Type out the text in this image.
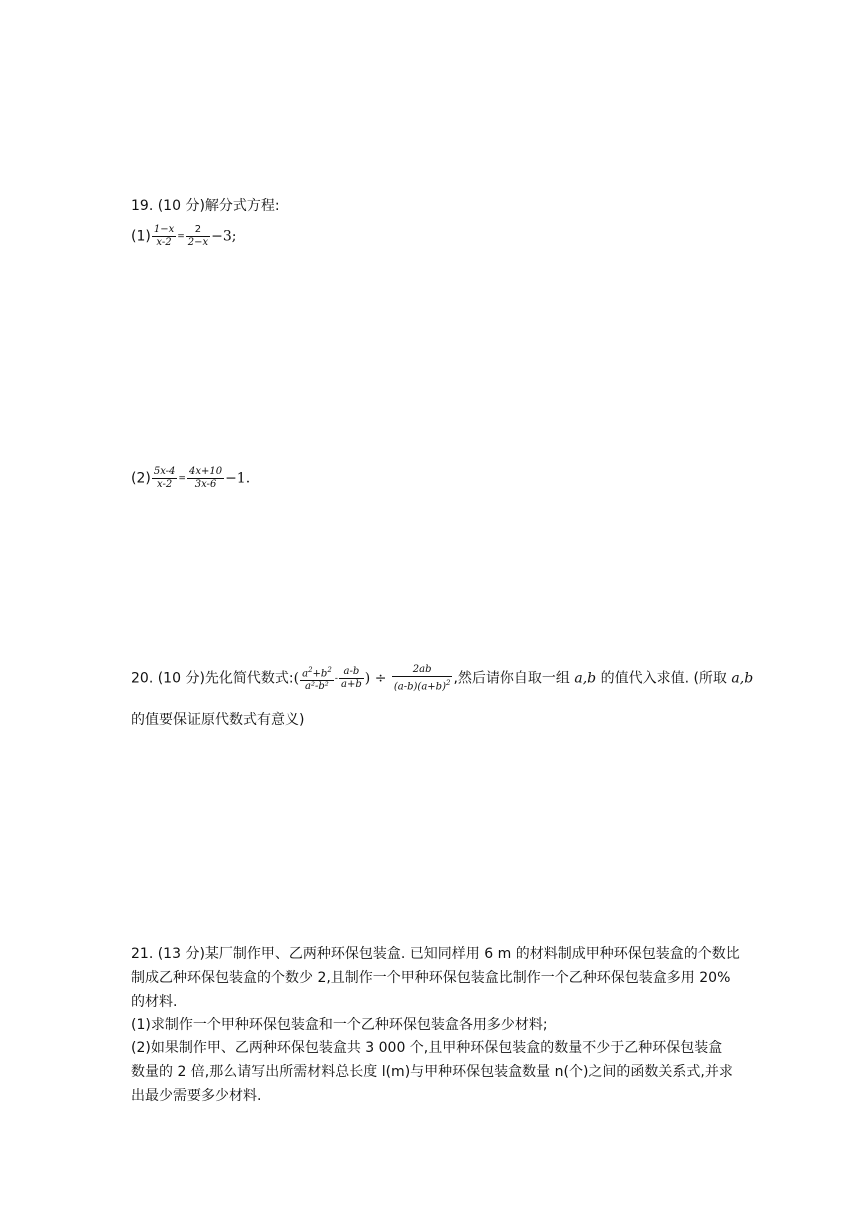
19. (10 分)解分式方程:
$(1) \frac{1-x}{x-2} = \frac{2}{2-x} -3$;
$(2) \frac{5x-4}{x-2} = \frac{4x+10}{3x-6} -1$.
20. (10 分)先化简代数式:( $\frac{a^2+b^2}{\text{a²-b²}} - \frac{a-b}{a+b}$ ) ÷ $\frac{2ab}{(a-b)(a+b)^2}$ ,然后请你自取一组 a,b 的值代入求值. (所取 a,b
的值要保证原代数式有意义)
21. (13 分)某厂制作甲、乙两种环保包装盒. 已知同样用 6 m 的材料制成甲种环保包装盒的个数比
制成乙种环保包装盒的个数少 2,且制作一个甲种环保包装盒比制作一个乙种环保包装盒多用 20%
的材料.
(1)求制作一个甲种环保包装盒和一个乙种环保包装盒各用多少材料;
(2)如果制作甲、乙两种环保包装盒共 3 000 个,且甲种环保包装盒的数量不少于乙种环保包装盒
数量的 2 倍,那么请写出所需材料总长度 l(m)与甲种环保包装盒数量 n(个)之间的函数关系式,并求
出最少需要多少材料.
